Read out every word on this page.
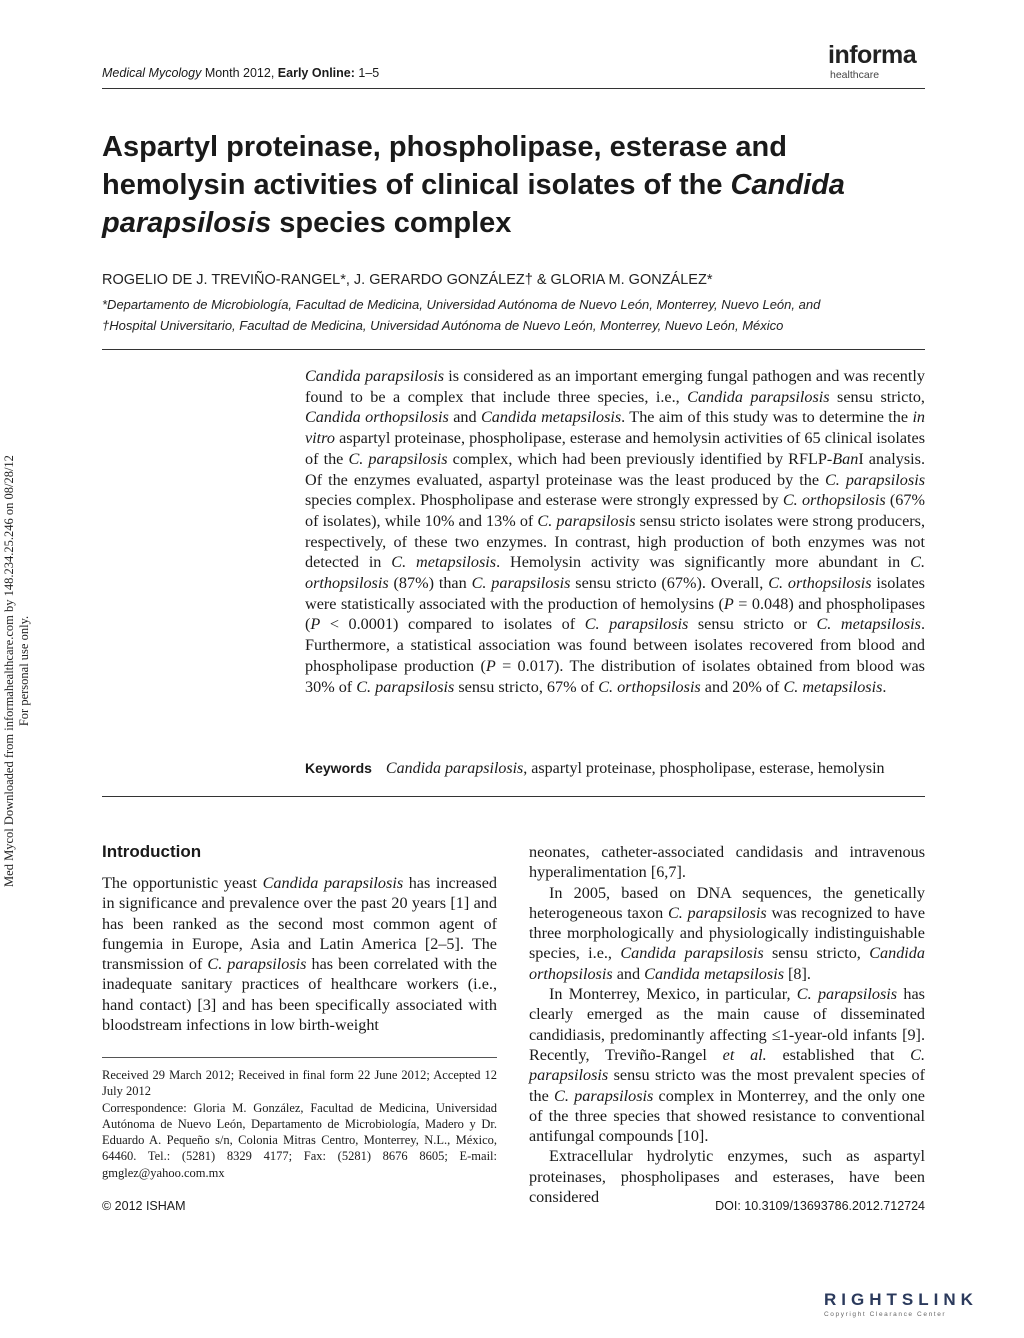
Medical Mycology Month 2012, Early Online: 1–5
informa
healthcare
Aspartyl proteinase, phospholipase, esterase and hemolysin activities of clinical isolates of the Candida parapsilosis species complex
ROGELIO DE J. TREVIÑO-RANGEL*, J. GERARDO GONZÁLEZ† & GLORIA M. GONZÁLEZ*
*Departamento de Microbiología, Facultad de Medicina, Universidad Autónoma de Nuevo León, Monterrey, Nuevo León, and
†Hospital Universitario, Facultad de Medicina, Universidad Autónoma de Nuevo León, Monterrey, Nuevo León, México
Candida parapsilosis is considered as an important emerging fungal pathogen and was recently found to be a complex that include three species, i.e., Candida parapsilosis sensu stricto, Candida orthopsilosis and Candida metapsilosis. The aim of this study was to determine the in vitro aspartyl proteinase, phospholipase, esterase and hemolysin activities of 65 clinical isolates of the C. parapsilosis complex, which had been previously identified by RFLP-BanI analysis. Of the enzymes evaluated, aspartyl proteinase was the least produced by the C. parapsilosis species complex. Phospholipase and esterase were strongly expressed by C. orthopsilosis (67% of isolates), while 10% and 13% of C. parapsilosis sensu stricto isolates were strong producers, respectively, of these two enzymes. In contrast, high production of both enzymes was not detected in C. metapsilosis. Hemolysin activity was significantly more abundant in C. orthopsilosis (87%) than C. parapsilosis sensu stricto (67%). Overall, C. orthopsilosis isolates were statistically associated with the production of hemolysins (P = 0.048) and phospholipases (P < 0.0001) compared to isolates of C. parapsilosis sensu stricto or C. metapsilosis. Furthermore, a statistical association was found between isolates recovered from blood and phospholipase production (P = 0.017). The distribution of isolates obtained from blood was 30% of C. parapsilosis sensu stricto, 67% of C. orthopsilosis and 20% of C. metapsilosis.
Keywords Candida parapsilosis, aspartyl proteinase, phospholipase, esterase, hemolysin
Introduction
The opportunistic yeast Candida parapsilosis has increased in significance and prevalence over the past 20 years [1] and has been ranked as the second most common agent of fungemia in Europe, Asia and Latin America [2–5]. The transmission of C. parapsilosis has been correlated with the inadequate sanitary practices of healthcare workers (i.e., hand contact) [3] and has been specifically associated with bloodstream infections in low birth-weight

neonates, catheter-associated candidasis and intravenous hyperalimentation [6,7].

In 2005, based on DNA sequences, the genetically heterogeneous taxon C. parapsilosis was recognized to have three morphologically and physiologically indistinguishable species, i.e., Candida parapsilosis sensu stricto, Candida orthopsilosis and Candida metapsilosis [8].

In Monterrey, Mexico, in particular, C. parapsilosis has clearly emerged as the main cause of disseminated candidiasis, predominantly affecting ≤1-year-old infants [9]. Recently, Treviño-Rangel et al. established that C. parapsilosis sensu stricto was the most prevalent species of the C. parapsilosis complex in Monterrey, and the only one of the three species that showed resistance to conventional antifungal compounds [10].

Extracellular hydrolytic enzymes, such as aspartyl proteinases, phospholipases and esterases, have been considered

Received 29 March 2012; Received in final form 22 June 2012; Accepted 12 July 2012

Correspondence: Gloria M. González, Facultad de Medicina, Universidad Autónoma de Nuevo León, Departamento de Microbiología, Madero y Dr. Eduardo A. Pequeño s/n, Colonia Mitras Centro, Monterrey, N.L., México, 64460. Tel.: (5281) 8329 4177; Fax: (5281) 8676 8605; E-mail: gmglez@yahoo.com.mx

© 2012 ISHAM	DOI: 10.3109/13693786.2012.712724
Med Mycol Downloaded from informahealthcare.com by 148.234.25.246 on 08/28/12 For personal use only.
RIGHTSLINK
Copyright Clearance Center
